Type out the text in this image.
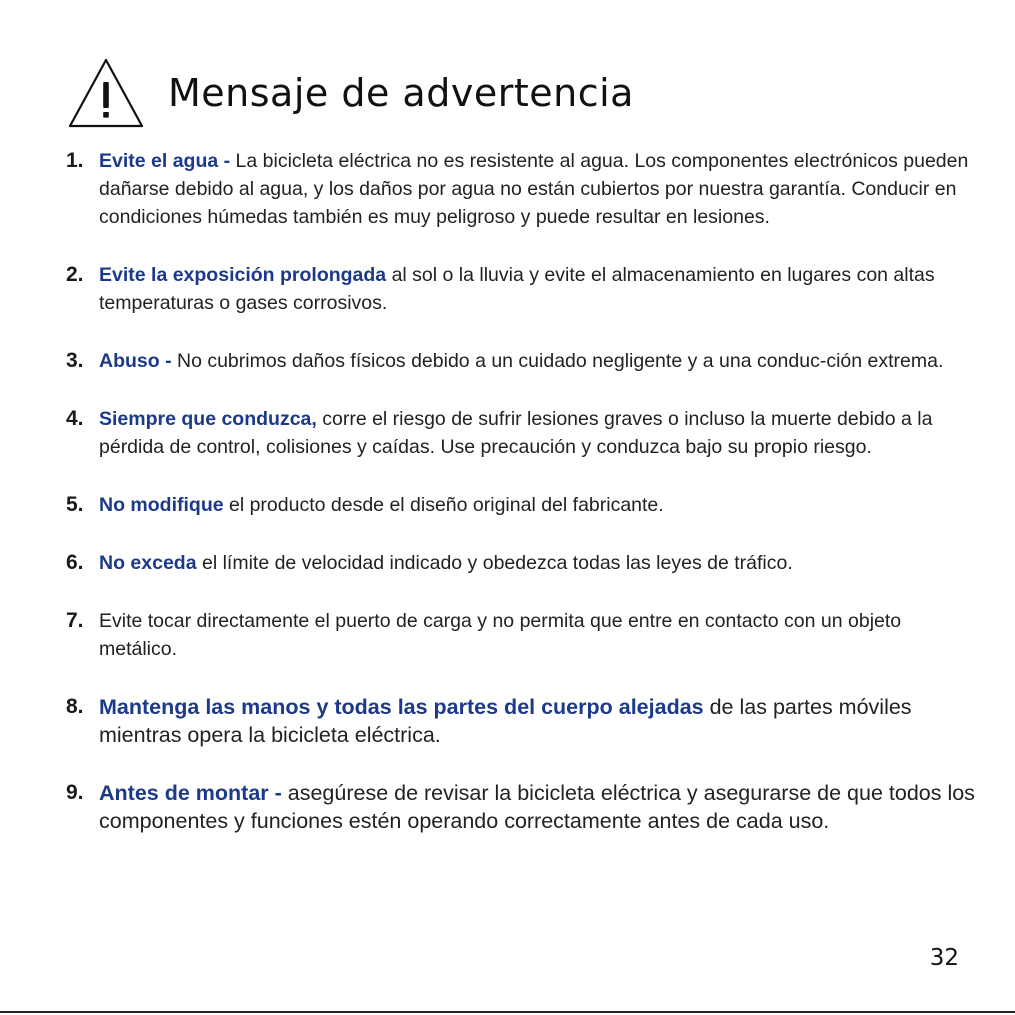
Mensaje de advertencia
1. Evite el agua - La bicicleta eléctrica no es resistente al agua. Los componentes electrónicos pueden dañarse debido al agua, y los daños por agua no están cubiertos por nuestra garantía. Conducir en condiciones húmedas también es muy peligroso y puede resultar en lesiones.
2. Evite la exposición prolongada al sol o la lluvia y evite el almacenamiento en lugares con altas temperaturas o gases corrosivos.
3. Abuso - No cubrimos daños físicos debido a un cuidado negligente y a una conduc-ción extrema.
4. Siempre que conduzca, corre el riesgo de sufrir lesiones graves o incluso la muerte debido a la pérdida de control, colisiones y caídas. Use precaución y conduzca bajo su propio riesgo.
5. No modifique el producto desde el diseño original del fabricante.
6. No exceda el límite de velocidad indicado y obedezca todas las leyes de tráfico.
7. Evite tocar directamente el puerto de carga y no permita que entre en contacto con un objeto metálico.
8. Mantenga las manos y todas las partes del cuerpo alejadas de las partes móviles mientras opera la bicicleta eléctrica.
9. Antes de montar - asegúrese de revisar la bicicleta eléctrica y asegurarse de que todos los componentes y funciones estén operando correctamente antes de cada uso.
32
